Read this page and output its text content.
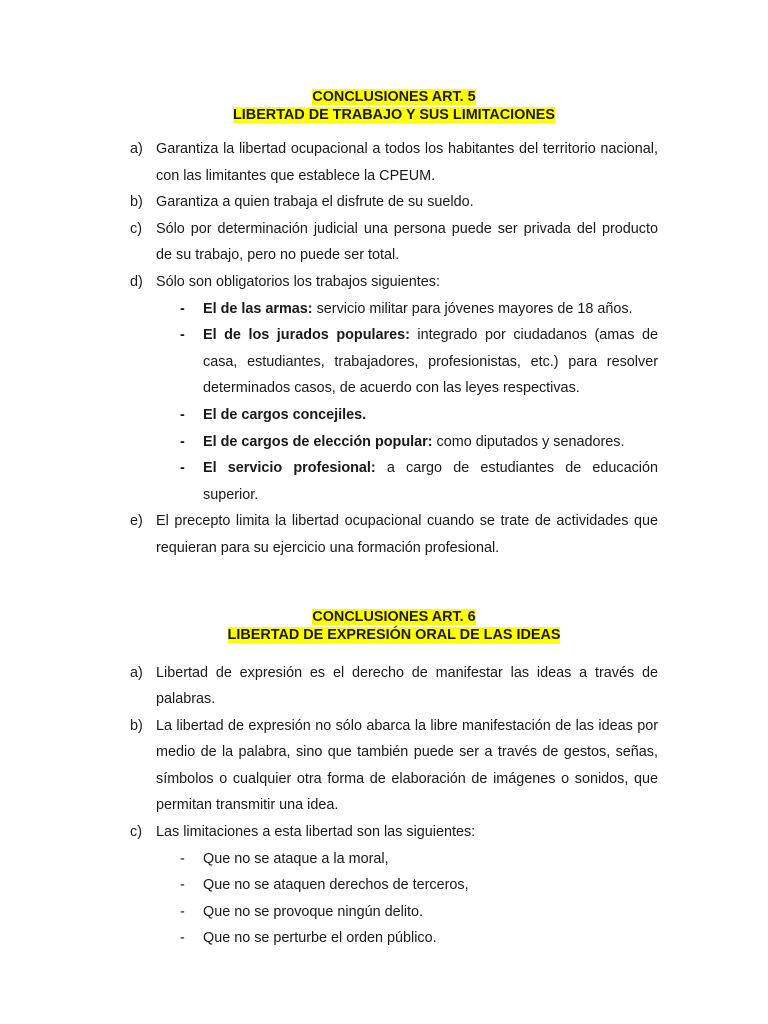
CONCLUSIONES ART. 5
LIBERTAD DE TRABAJO Y SUS LIMITACIONES
a) Garantiza la libertad ocupacional a todos los habitantes del territorio nacional, con las limitantes que establece la CPEUM.
b) Garantiza a quien trabaja el disfrute de su sueldo.
c) Sólo por determinación judicial una persona puede ser privada del producto de su trabajo, pero no puede ser total.
d) Sólo son obligatorios los trabajos siguientes:
- El de las armas: servicio militar para jóvenes mayores de 18 años.
- El de los jurados populares: integrado por ciudadanos (amas de casa, estudiantes, trabajadores, profesionistas, etc.) para resolver determinados casos, de acuerdo con las leyes respectivas.
- El de cargos concejiles.
- El de cargos de elección popular: como diputados y senadores.
- El servicio profesional: a cargo de estudiantes de educación superior.
e) El precepto limita la libertad ocupacional cuando se trate de actividades que requieran para su ejercicio una formación profesional.
CONCLUSIONES ART. 6
LIBERTAD DE EXPRESIÓN ORAL DE LAS IDEAS
a) Libertad de expresión es el derecho de manifestar las ideas a través de palabras.
b) La libertad de expresión no sólo abarca la libre manifestación de las ideas por medio de la palabra, sino que también puede ser a través de gestos, señas, símbolos o cualquier otra forma de elaboración de imágenes o sonidos, que permitan transmitir una idea.
c) Las limitaciones a esta libertad son las siguientes:
- Que no se ataque a la moral,
- Que no se ataquen derechos de terceros,
- Que no se provoque ningún delito.
- Que no se perturbe el orden público.
